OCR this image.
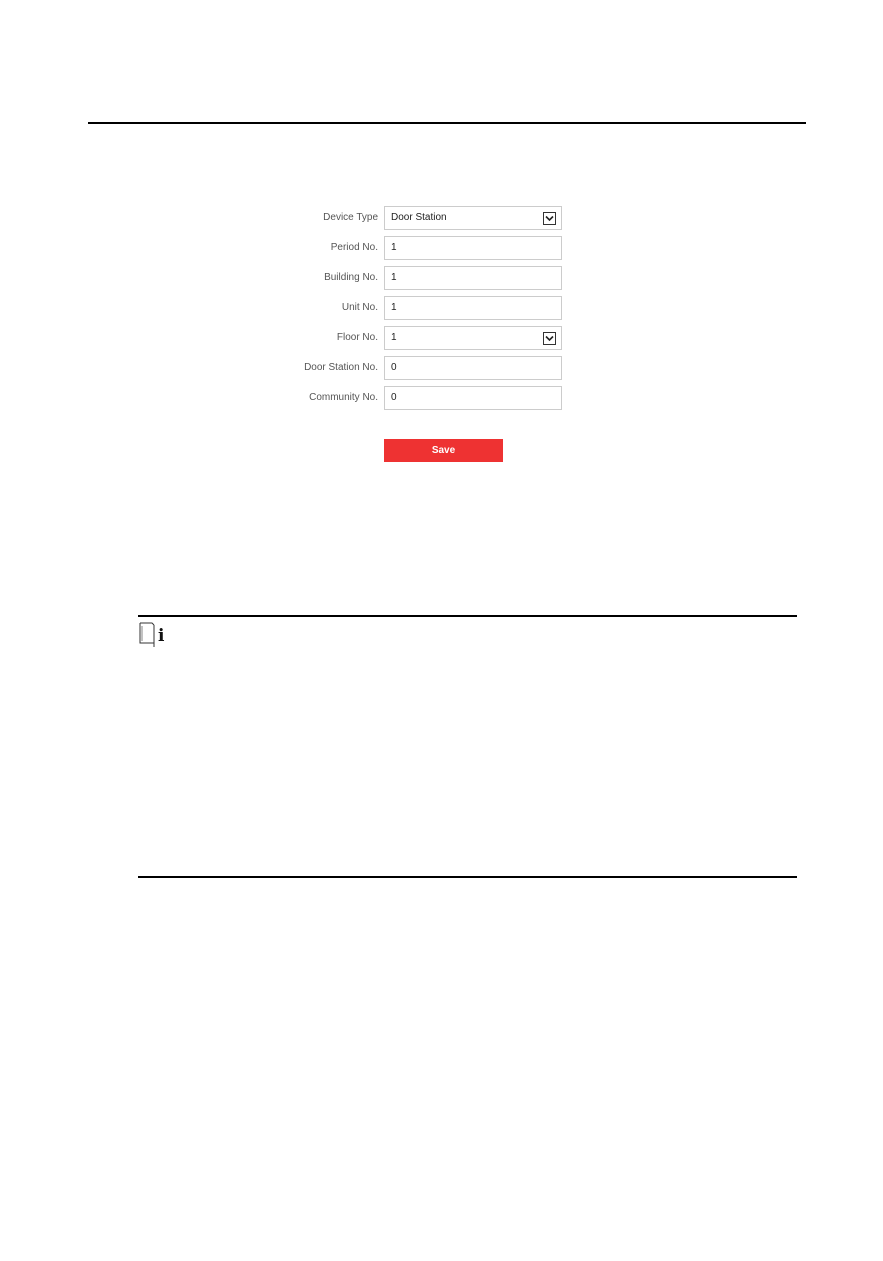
Device Type Door Station
Period No. 1
Building No. 1
Unit No. 1
Floor No. 1
Door Station No. 0
Community No. 0
Save
i
